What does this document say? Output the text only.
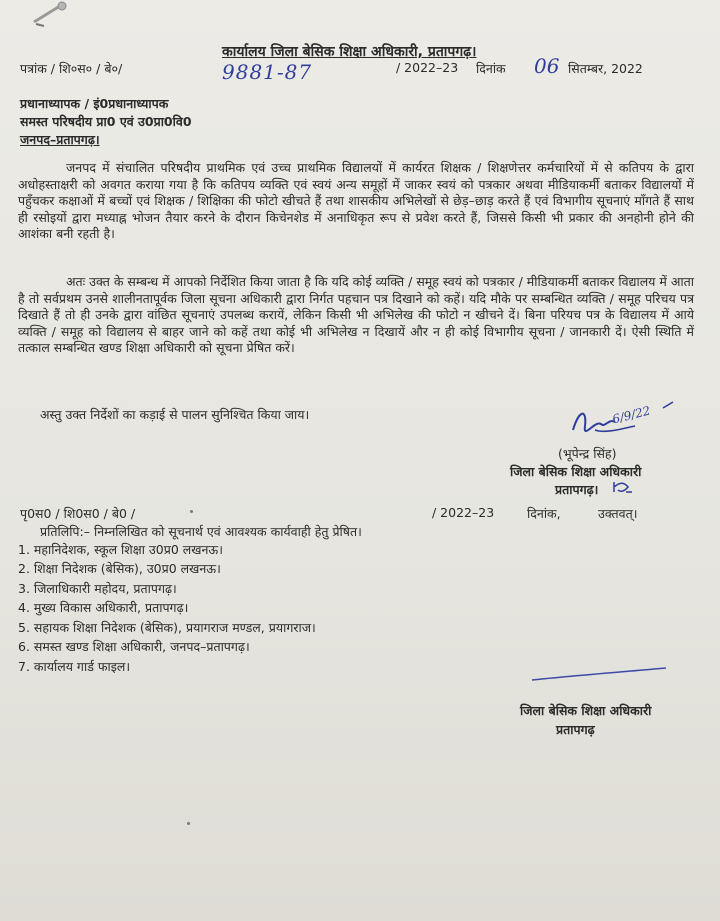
कार्यालय जिला बेसिक शिक्षा अधिकारी, प्रतापगढ़।
पत्रांक / शि०स० / बे०/	9881-87	/ 2022–23 दिनांक 06 सितम्बर, 2022
प्रधानाध्यापक / इं0प्रधानाध्यापक
समस्त परिषदीय प्रा0 एवं उ0प्रा0वि0
जनपद–प्रतापगढ़।
जनपद में संचालित परिषदीय प्राथमिक एवं उच्च प्राथमिक विद्यालयों में कार्यरत शिक्षक / शिक्षणेत्तर कर्मचारियों में से कतिपय के द्वारा अधोहस्ताक्षरी को अवगत कराया गया है कि कतिपय व्यक्ति एवं स्वयं अन्य समूहों में जाकर स्वयं को पत्रकार अथवा मीडियाकर्मी बताकर विद्यालयों में पहुँचकर कक्षाओं में बच्चों एवं शिक्षक / शिक्षिका की फोटो खीचते हैं तथा शासकीय अभिलेखों से छेड़–छाड़ करते हैं एवं विभागीय सूचनाएं माँगते हैं साथ ही रसोइयों द्वारा मध्याह्न भोजन तैयार करने के दौरान किचेनशेड में अनाधिकृत रूप से प्रवेश करते हैं, जिससे किसी भी प्रकार की अनहोनी होने की आशंका बनी रहती है।
अतः उक्त के सम्बन्ध में आपको निर्देशित किया जाता है कि यदि कोई व्यक्ति / समूह स्वयं को पत्रकार / मीडियाकर्मी बताकर विद्यालय में आता है तो सर्वप्रथम उनसे शालीनतापूर्वक जिला सूचना अधिकारी द्वारा निर्गत पहचान पत्र दिखाने को कहें। यदि मौके पर सम्बन्धित व्यक्ति / समूह परिचय पत्र दिखाते हैं तो ही उनके द्वारा वांछित सूचनाएं उपलब्ध करायें, लेकिन किसी भी अभिलेख की फोटो न खीचने दें। बिना परियच पत्र के विद्यालय में आये व्यक्ति / समूह को विद्यालय से बाहर जाने को कहें तथा कोई भी अभिलेख न दिखायें और न ही कोई विभागीय सूचना / जानकारी दें। ऐसी स्थिति में तत्काल सम्बन्धित खण्ड शिक्षा अधिकारी को सूचना प्रेषित करें।
अस्तु उक्त निर्देशों का कड़ाई से पालन सुनिश्चित किया जाय।	6/9/22
(भूपेन्द्र सिंह)
जिला बेसिक शिक्षा अधिकारी
प्रतापगढ़।
पृ0स0 / शि0स0 / बे0 /	/ 2022–23	दिनांक,	उक्तवत्।
प्रतिलिपि:– निम्नलिखित को सूचनार्थ एवं आवश्यक कार्यवाही हेतु प्रेषित।
1. महानिदेशक, स्कूल शिक्षा उ0प्र0 लखनऊ।
2. शिक्षा निदेशक (बेसिक), उ0प्र0 लखनऊ।
3. जिलाधिकारी महोदय, प्रतापगढ़।
4. मुख्य विकास अधिकारी, प्रतापगढ़।
5. सहायक शिक्षा निदेशक (बेसिक), प्रयागराज मण्डल, प्रयागराज।
6. समस्त खण्ड शिक्षा अधिकारी, जनपद–प्रतापगढ़।
7. कार्यालय गार्ड फाइल।
जिला बेसिक शिक्षा अधिकारी
प्रतापगढ़
